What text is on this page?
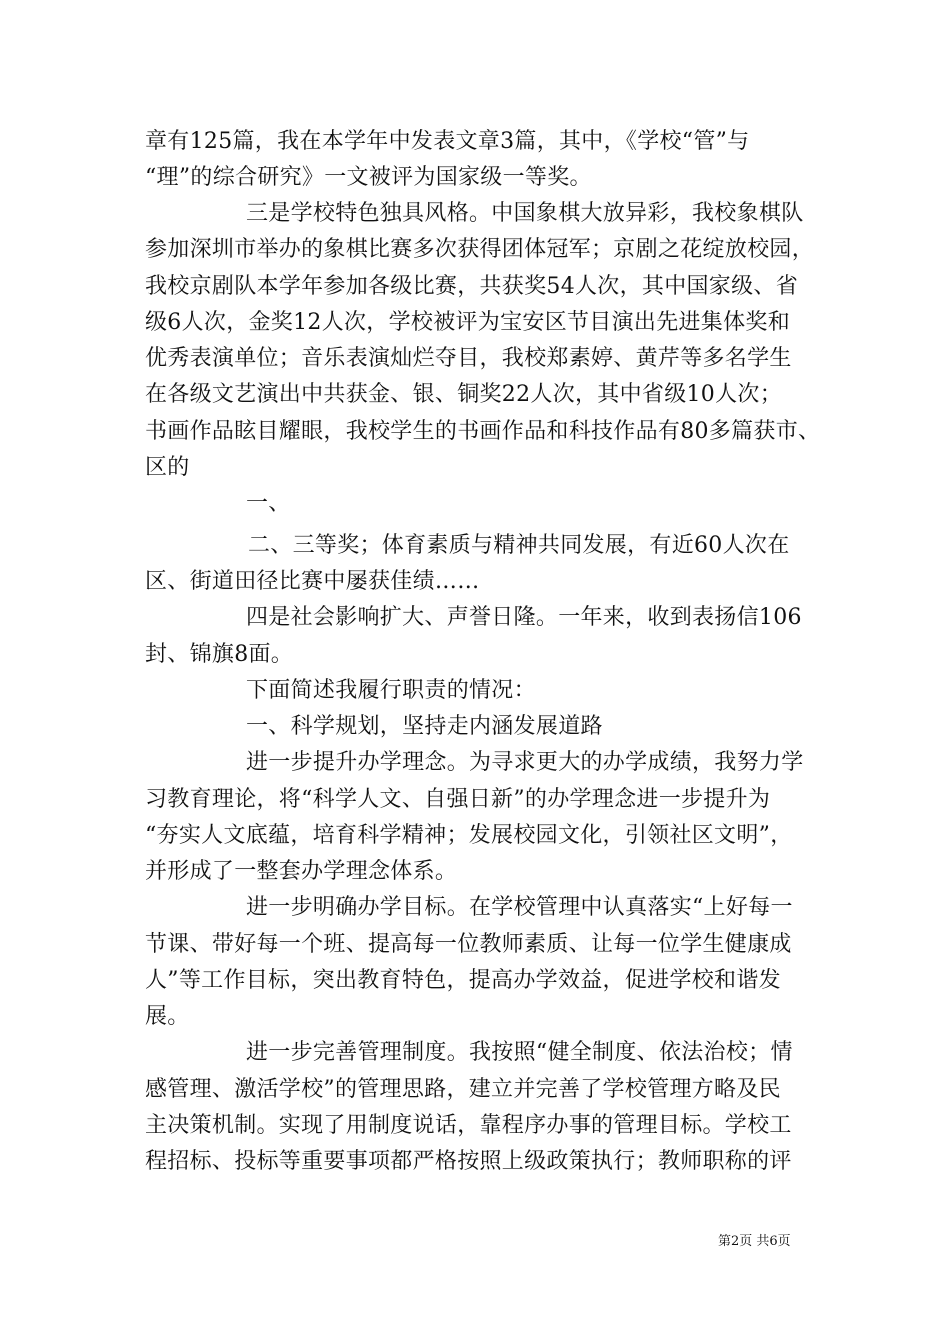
章有125篇，我在本学年中发表文章3篇，其中，《学校“管”与
“理”的综合研究》一文被评为国家级一等奖。
三是学校特色独具风格。中国象棋大放异彩，我校象棋队
参加深圳市举办的象棋比赛多次获得团体冠军；京剧之花绽放校园，
我校京剧队本学年参加各级比赛，共获奖54人次，其中国家级、省
级6人次，金奖12人次，学校被评为宝安区节目演出先进集体奖和
优秀表演单位；音乐表演灿烂夺目，我校郑素婷、黄芹等多名学生
在各级文艺演出中共获金、银、铜奖22人次，其中省级10人次；
书画作品眩目耀眼，我校学生的书画作品和科技作品有80多篇获市、
区的
一、
二、三等奖；体育素质与精神共同发展，有近60人次在
区、街道田径比赛中屡获佳绩……
四是社会影响扩大、声誉日隆。一年来，收到表扬信106
封、锦旗8面。
下面简述我履行职责的情况：
一、科学规划，坚持走内涵发展道路
进一步提升办学理念。为寻求更大的办学成绩，我努力学
习教育理论，将“科学人文、自强日新”的办学理念进一步提升为
“夯实人文底蕴，培育科学精神；发展校园文化，引领社区文明”，
并形成了一整套办学理念体系。
进一步明确办学目标。在学校管理中认真落实“上好每一
节课、带好每一个班、提高每一位教师素质、让每一位学生健康成
人”等工作目标，突出教育特色，提高办学效益，促进学校和谐发
展。
进一步完善管理制度。我按照“健全制度、依法治校；情
感管理、激活学校”的管理思路，建立并完善了学校管理方略及民
主决策机制。实现了用制度说话，靠程序办事的管理目标。学校工
程招标、投标等重要事项都严格按照上级政策执行；教师职称的评
第2页 共6页
